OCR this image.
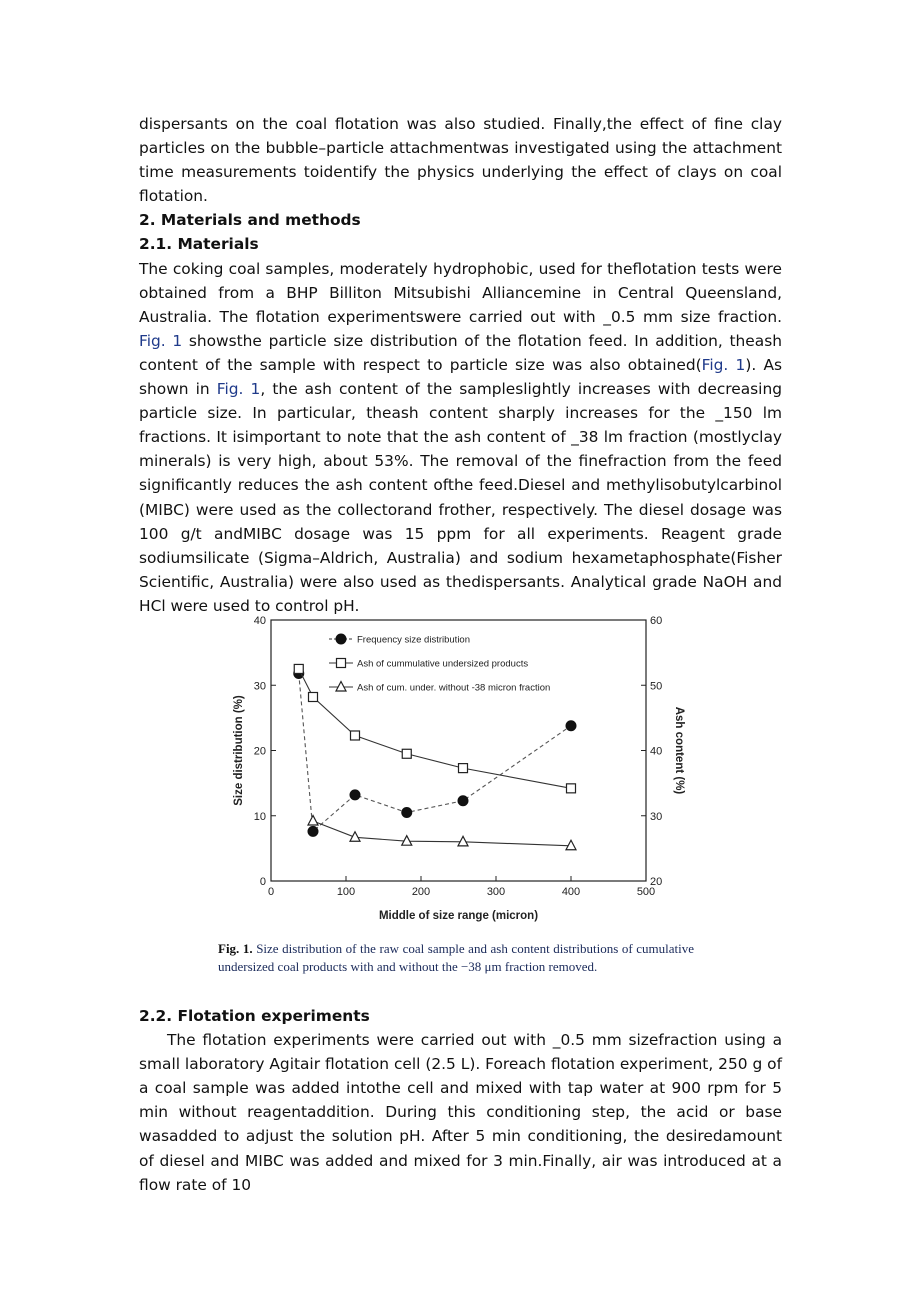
dispersants on the coal flotation was also studied. Finally,the effect of fine clay particles on the bubble–particle attachmentwas investigated using the attachment time measurements toidentify the physics underlying the effect of clays on coal flotation.

2. Materials and methods

2.1. Materials

The coking coal samples, moderately hydrophobic, used for theflotation tests were obtained from a BHP Billiton Mitsubishi Alliancemine in Central Queensland, Australia. The flotation experimentswere carried out with _0.5 mm size fraction. Fig. 1 showsthe particle size distribution of the flotation feed. In addition, theash content of the sample with respect to particle size was also obtained(Fig. 1). As shown in Fig. 1, the ash content of the sampleslightly increases with decreasing particle size. In particular, theash content sharply increases for the _150 lm fractions. It isimportant to note that the ash content of _38 lm fraction (mostlyclay minerals) is very high, about 53%. The removal of the finefraction from the feed significantly reduces the ash content ofthe feed.Diesel and methylisobutylcarbinol (MIBC) were used as the collectorand frother, respectively. The diesel dosage was 100 g/t andMIBC dosage was 15 ppm for all experiments. Reagent grade sodiumsilicate (Sigma–Aldrich, Australia) and sodium hexametaphosphate(Fisher Scientific, Australia) were also used as thedispersants. Analytical grade NaOH and HCl were used to control pH.

0	100	200	300	400	500
0
10
20
30
40
20
30
40
50
60
Middle of size range (micron)
Size distribution (%)	Ash content (%)
Frequency size distribution
Ash of cummulative undersized products
Ash of cum. under. without -38 micron fraction

Fig. 1. Size distribution of the raw coal sample and ash content distributions of cumulative undersized coal products with and without the −38 μm fraction removed.

2.2. Flotation experiments

The flotation experiments were carried out with _0.5 mm sizefraction using a small laboratory Agitair flotation cell (2.5 L). Foreach flotation experiment, 250 g of a coal sample was added intothe cell and mixed with tap water at 900 rpm for 5 min without reagentaddition. During this conditioning step, the acid or base wasadded to adjust the solution pH. After 5 min conditioning, the desiredamount of diesel and MIBC was added and mixed for 3 min.Finally, air was introduced at a flow rate of 10
